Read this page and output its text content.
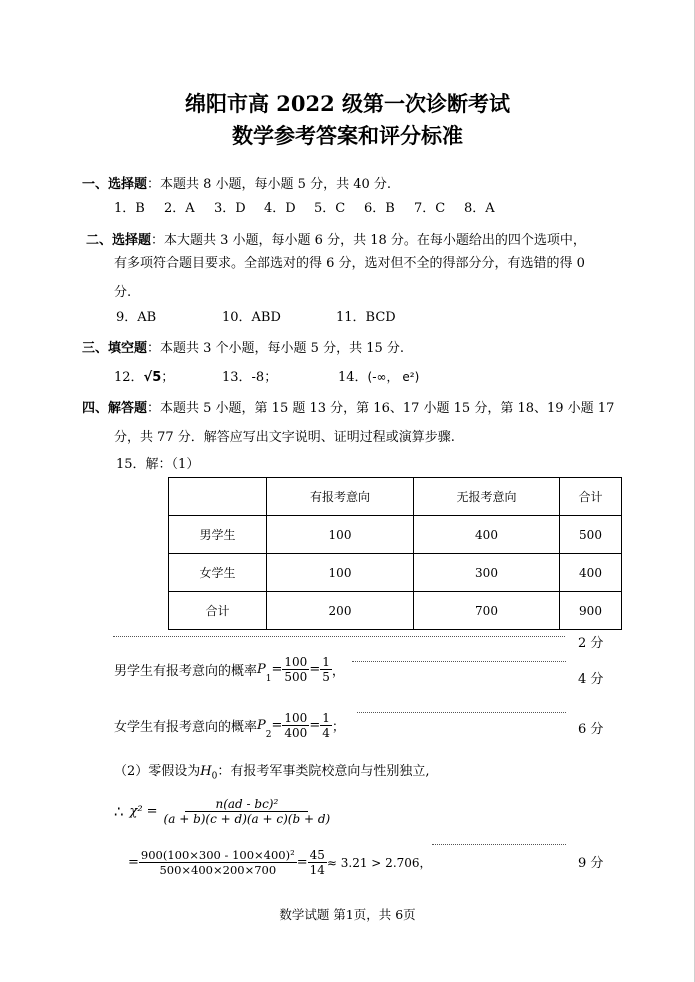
绵阳市高 2022 级第一次诊断考试
数学参考答案和评分标准
一、选择题：本题共 8 小题，每小题 5 分，共 40 分.
1．B 2．A 3．D 4．D 5．C 6．B 7．C 8．A
二、选择题：本大题共 3 小题，每小题 6 分，共 18 分。在每小题给出的四个选项中，
有多项符合题目要求。全部选对的得 6 分，选对但不全的得部分分，有选错的得 0
分.
9．AB	10．ABD	11．BCD
三、填空题：本题共 3 个小题，每小题 5 分，共 15 分.
12．√5；	13．-8；	14．(-∞， e²)
四、解答题：本题共 5 小题，第 15 题 13 分，第 16、17 小题 15 分，第 18、19 小题 17
分，共 77 分．解答应写出文字说明、证明过程或演算步骤.
15．解：（1）
	有报考意向	无报考意向	合计
男学生	100	400	500
女学生	100	300	400
合计	200	700	900
2 分
男学生有报考意向的概率$P_1= \frac{100}{500} = \frac{1}{5}$ ，
4 分
女学生有报考意向的概率$P_2= \frac{100}{400} = \frac{1}{4}$ ；	6 分
（2）零假设为$H_0$：有报考军事类院校意向与性别独立,
∴ $\chi^2 = \frac{\text{n(ad - bc)²}}{(a + b)(c + d)(a + c)(b + d)}$
= $\frac{\text{900(100×300 - 100×400)²}}{500\times 400\times 200\times 700} = \frac{45}{14} \approx 3.21 > 2.706$，	9 分
数学试题 第1页，共 6页
